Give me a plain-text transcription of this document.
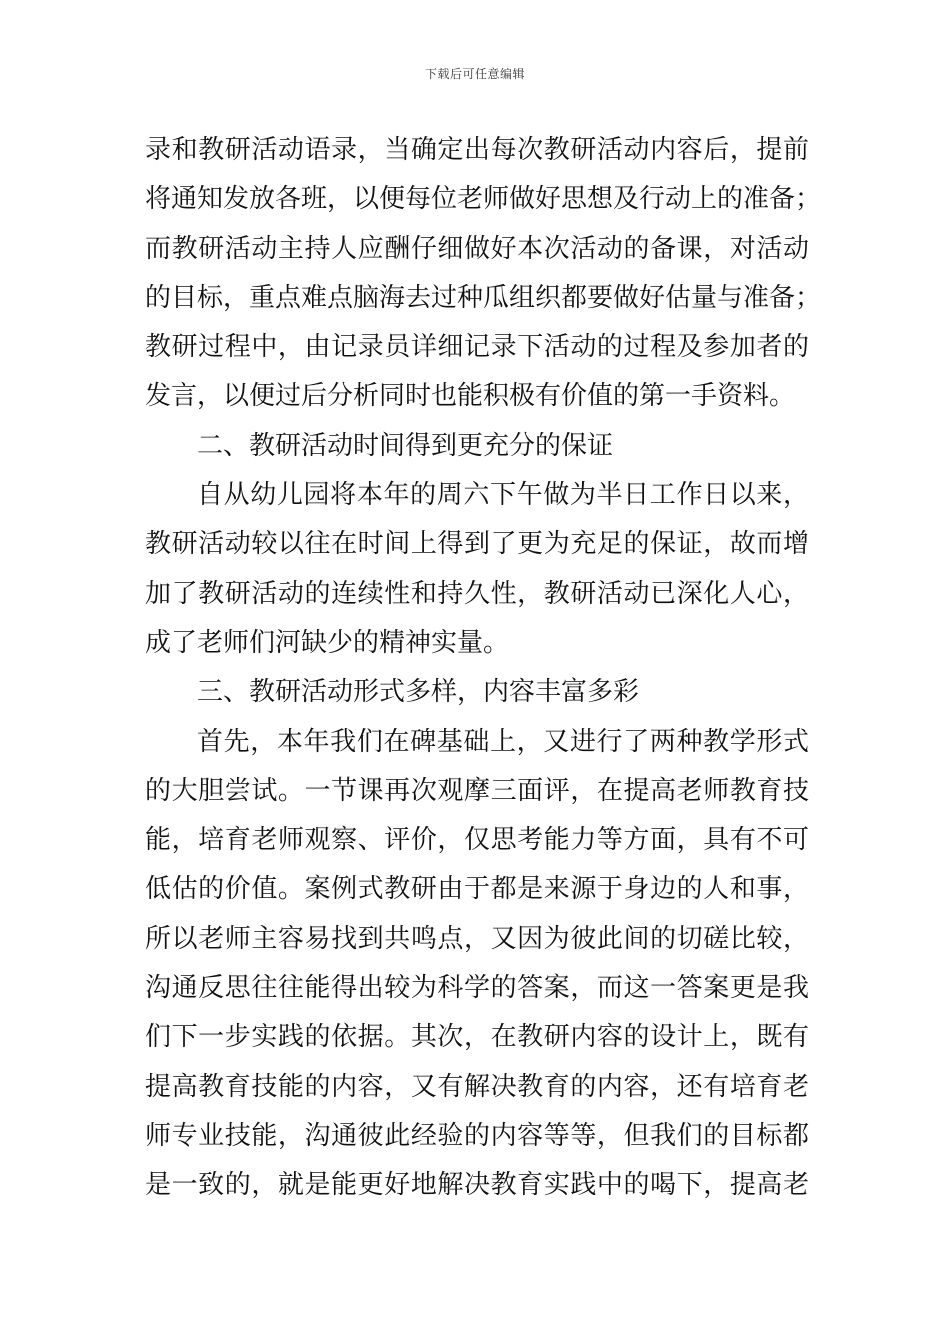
下载后可任意编辑
录和教研活动语录，当确定出每次教研活动内容后，提前
将通知发放各班，以便每位老师做好思想及行动上的准备；
而教研活动主持人应酬仔细做好本次活动的备课，对活动
的目标，重点难点脑海去过种瓜组织都要做好估量与准备；
教研过程中，由记录员详细记录下活动的过程及参加者的
发言，以便过后分析同时也能积极有价值的第一手资料。
二、教研活动时间得到更充分的保证
自从幼儿园将本年的周六下午做为半日工作日以来，
教研活动较以往在时间上得到了更为充足的保证，故而增
加了教研活动的连续性和持久性，教研活动已深化人心，
成了老师们河缺少的精神实量。
三、教研活动形式多样，内容丰富多彩
首先，本年我们在碑基础上，又进行了两种教学形式
的大胆尝试。一节课再次观摩三面评，在提高老师教育技
能，培育老师观察、评价，仅思考能力等方面，具有不可
低估的价值。案例式教研由于都是来源于身边的人和事，
所以老师主容易找到共鸣点，又因为彼此间的切磋比较，
沟通反思往往能得出较为科学的答案，而这一答案更是我
们下一步实践的依据。其次，在教研内容的设计上，既有
提高教育技能的内容，又有解决教育的内容，还有培育老
师专业技能，沟通彼此经验的内容等等，但我们的目标都
是一致的，就是能更好地解决教育实践中的喝下，提高老
